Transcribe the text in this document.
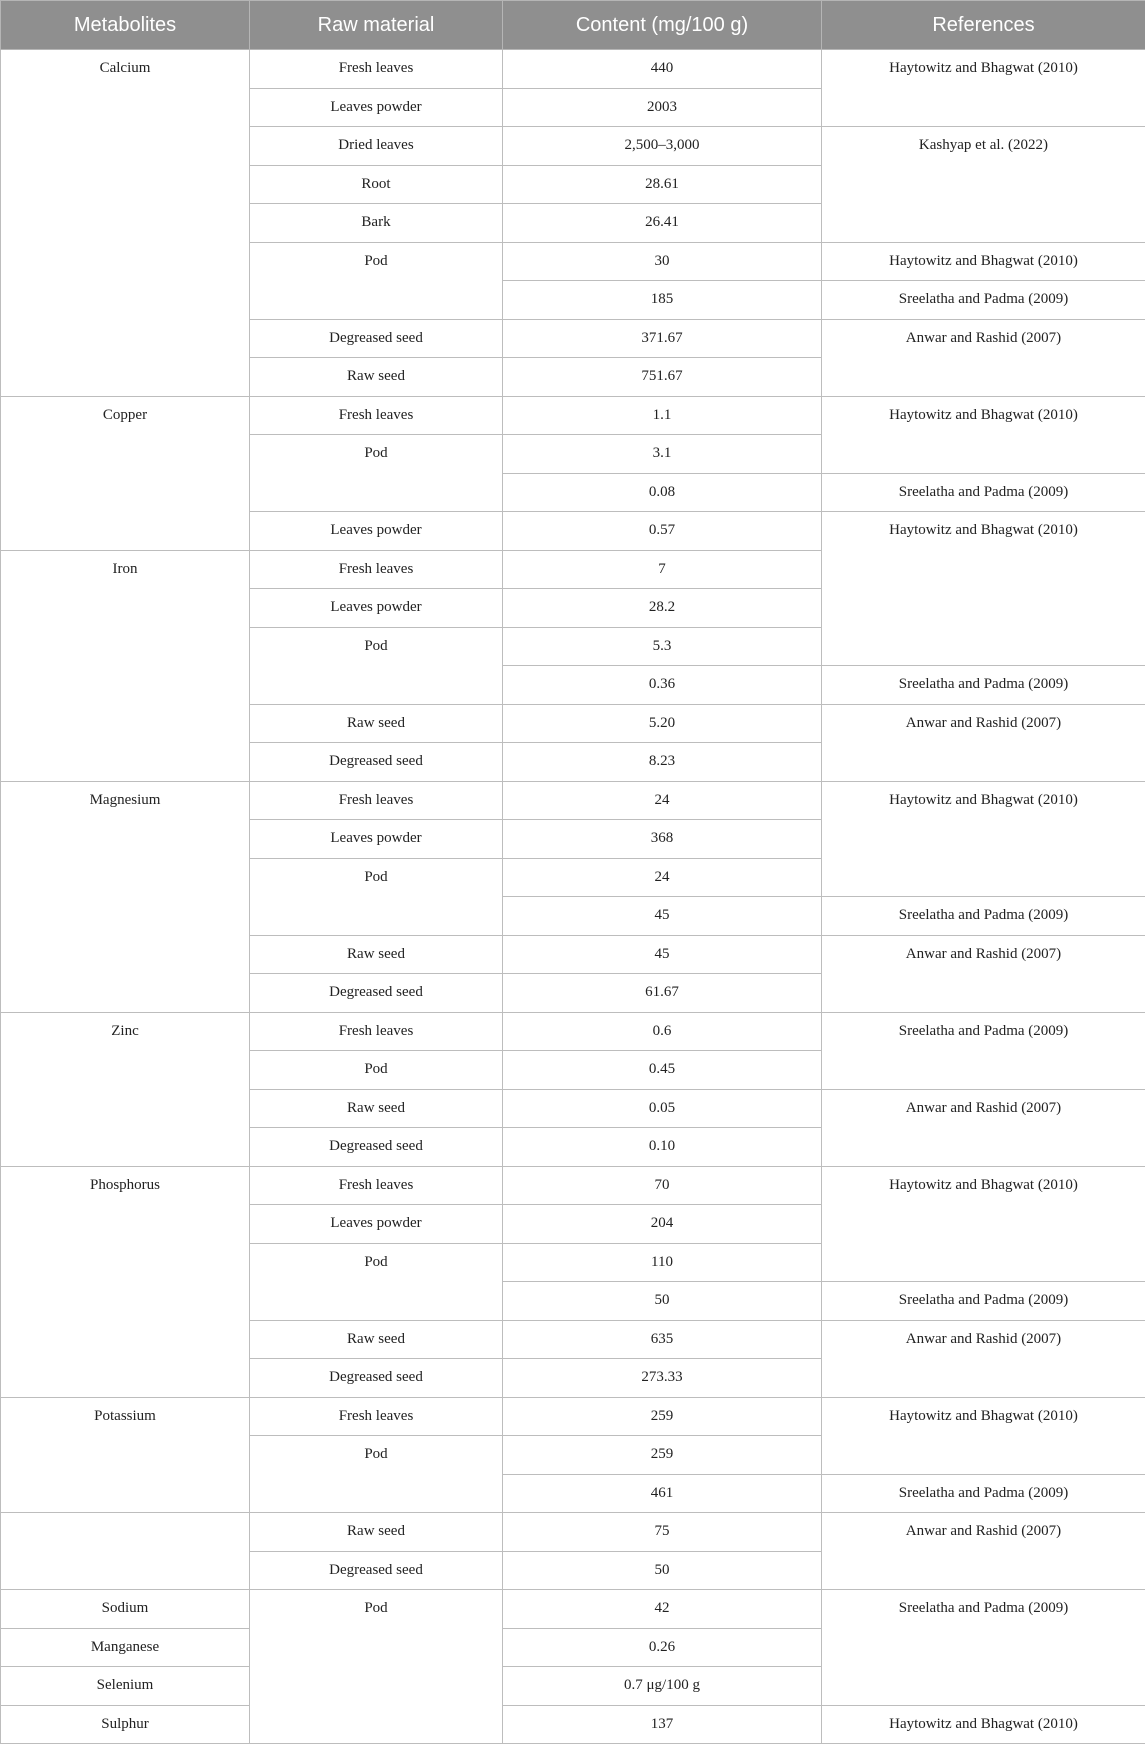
Metabolites	Raw material	Content (mg/100 g)	References
Calcium	Fresh leaves	440	Haytowitz and Bhagwat (2010)
	Leaves powder	2003	
	Dried leaves	2,500–3,000	Kashyap et al. (2022)
	Root	28.61	
	Bark	26.41	
	Pod	30	Haytowitz and Bhagwat (2010)
		185	Sreelatha and Padma (2009)
	Degreased seed	371.67	Anwar and Rashid (2007)
	Raw seed	751.67	
Copper	Fresh leaves	1.1	Haytowitz and Bhagwat (2010)
	Pod	3.1	
		0.08	Sreelatha and Padma (2009)
	Leaves powder	0.57	Haytowitz and Bhagwat (2010)
Iron	Fresh leaves	7	
	Leaves powder	28.2	
	Pod	5.3	
		0.36	Sreelatha and Padma (2009)
	Raw seed	5.20	Anwar and Rashid (2007)
	Degreased seed	8.23	
Magnesium	Fresh leaves	24	Haytowitz and Bhagwat (2010)
	Leaves powder	368	
	Pod	24	
		45	Sreelatha and Padma (2009)
	Raw seed	45	Anwar and Rashid (2007)
	Degreased seed	61.67	
Zinc	Fresh leaves	0.6	Sreelatha and Padma (2009)
	Pod	0.45	
	Raw seed	0.05	Anwar and Rashid (2007)
	Degreased seed	0.10	
Phosphorus	Fresh leaves	70	Haytowitz and Bhagwat (2010)
	Leaves powder	204	
	Pod	110	
		50	Sreelatha and Padma (2009)
	Raw seed	635	Anwar and Rashid (2007)
	Degreased seed	273.33	
Potassium	Fresh leaves	259	Haytowitz and Bhagwat (2010)
	Pod	259	
		461	Sreelatha and Padma (2009)
	Raw seed	75	Anwar and Rashid (2007)
	Degreased seed	50	
Sodium	Pod	42	Sreelatha and Padma (2009)
Manganese		0.26	
Selenium		0.7 μg/100 g	
Sulphur		137	Haytowitz and Bhagwat (2010)
